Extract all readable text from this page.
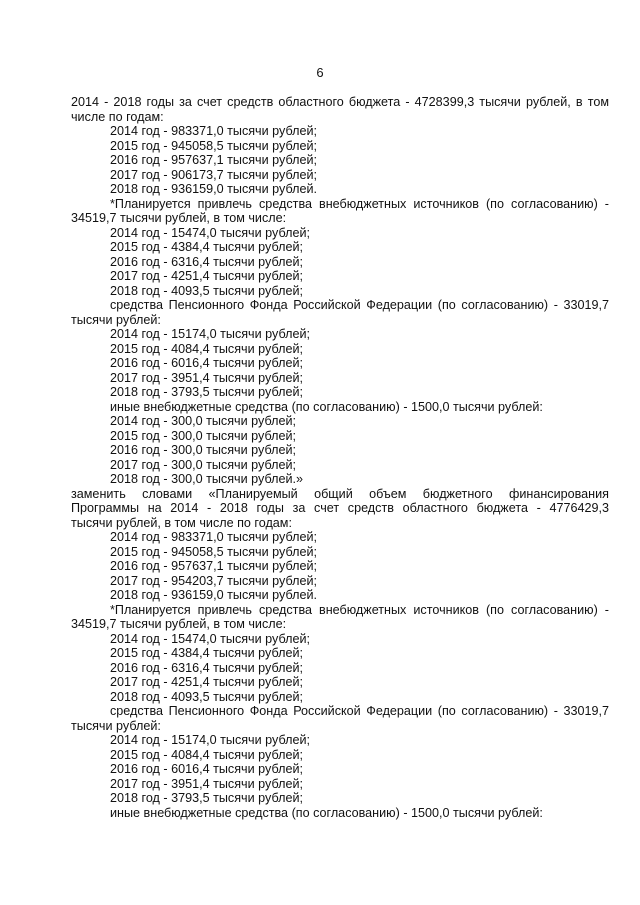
6
2014 - 2018 годы за счет средств областного бюджета - 4728399,3 тысячи рублей, в том
числе по годам:
2014 год - 983371,0 тысячи рублей;
2015 год - 945058,5 тысячи рублей;
2016 год - 957637,1 тысячи рублей;
2017 год - 906173,7 тысячи рублей;
2018 год - 936159,0 тысячи рублей.
*Планируется привлечь средства внебюджетных источников (по согласованию) -
34519,7 тысячи рублей, в том числе:
2014 год - 15474,0 тысячи рублей;
2015 год - 4384,4 тысячи рублей;
2016 год - 6316,4 тысячи рублей;
2017 год - 4251,4 тысячи рублей;
2018 год - 4093,5 тысячи рублей;
средства Пенсионного Фонда Российской Федерации (по согласованию) - 33019,7
тысячи рублей:
2014 год - 15174,0 тысячи рублей;
2015 год - 4084,4 тысячи рублей;
2016 год - 6016,4 тысячи рублей;
2017 год - 3951,4 тысячи рублей;
2018 год - 3793,5 тысячи рублей;
иные внебюджетные средства (по согласованию) - 1500,0 тысячи рублей:
2014 год - 300,0 тысячи рублей;
2015 год - 300,0 тысячи рублей;
2016 год - 300,0 тысячи рублей;
2017 год - 300,0 тысячи рублей;
2018 год - 300,0 тысячи рублей.»
заменить словами «Планируемый общий объем бюджетного финансирования
Программы на 2014 - 2018 годы за счет средств областного бюджета - 4776429,3
тысячи рублей, в том числе по годам:
2014 год - 983371,0 тысячи рублей;
2015 год - 945058,5 тысячи рублей;
2016 год - 957637,1 тысячи рублей;
2017 год - 954203,7 тысячи рублей;
2018 год - 936159,0 тысячи рублей.
*Планируется привлечь средства внебюджетных источников (по согласованию) -
34519,7 тысячи рублей, в том числе:
2014 год - 15474,0 тысячи рублей;
2015 год - 4384,4 тысячи рублей;
2016 год - 6316,4 тысячи рублей;
2017 год - 4251,4 тысячи рублей;
2018 год - 4093,5 тысячи рублей;
средства Пенсионного Фонда Российской Федерации (по согласованию) - 33019,7
тысячи рублей:
2014 год - 15174,0 тысячи рублей;
2015 год - 4084,4 тысячи рублей;
2016 год - 6016,4 тысячи рублей;
2017 год - 3951,4 тысячи рублей;
2018 год - 3793,5 тысячи рублей;
иные внебюджетные средства (по согласованию) - 1500,0 тысячи рублей:
